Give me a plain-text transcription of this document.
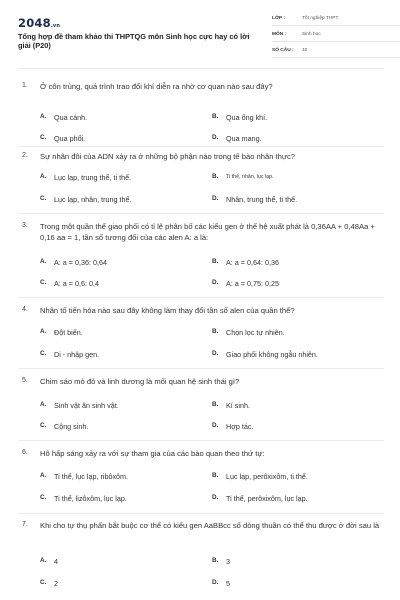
2048.vn
Tổng hợp đề tham khảo thi THPTQG môn Sinh học cực hay có lời giải (P20)
LỚP :	Tốt nghiệp THPT
MÔN :	Sinh học
SỐ CÂU : 40
1. Ở côn trùng, quá trình trao đổi khí diễn ra nhờ cơ quan nào sau đây?
A. Qua cánh.	B. Qua ống khí.
C. Qua phổi.	D. Qua mang.
2. Sự nhân đôi của ADN xảy ra ở những bộ phận nào trong tế bào nhân thực?
A. Lục lạp, trung thể, ti thể.	B. Ti thể, nhân, lục lạp.
C. Lục lạp, nhân, trung thể.	D. Nhân, trung thể, ti thể.
3. Trong một quần thể giao phối có tỉ lệ phân bố các kiểu gen ở thế hệ xuất phát là 0,36AA + 0,48Aa + 0,16 aa = 1, tần số tương đối của các alen A: a là:
A. A: a = 0,36: 0,64	B. A: a = 0,64: 0,36
C. A: a = 0,6: 0,4	D. A: a = 0,75: 0,25
4. Nhân tố tiến hóa nào sau đây không làm thay đổi tần số alen của quần thể?
A. Đột biến.	B. Chọn lọc tự nhiên.
C. Di - nhập gen.	D. Giao phối không ngẫu nhiên.
5. Chim sáo mỏ đỏ và linh dương là mối quan hệ sinh thái gì?
A. Sinh vật ăn sinh vật.	B. Kí sinh.
C. Cộng sinh.	D. Hợp tác.
6. Hô hấp sáng xảy ra với sự tham gia của các bào quan theo thứ tự:
A. Ti thể, lục lạp, ribôxôm.	B. Lục lạp, perôxixôm, ti thể.
C. Ti thể, lizôxôm, lục lạp.	D. Ti thể, perôxixôm, lục lạp.
7. Khi cho tự thụ phấn bắt buộc cơ thể có kiểu gen AaBBcc số dòng thuần có thể thu được ở đời sau là
A. 4	B. 3
C. 2	D. 5
